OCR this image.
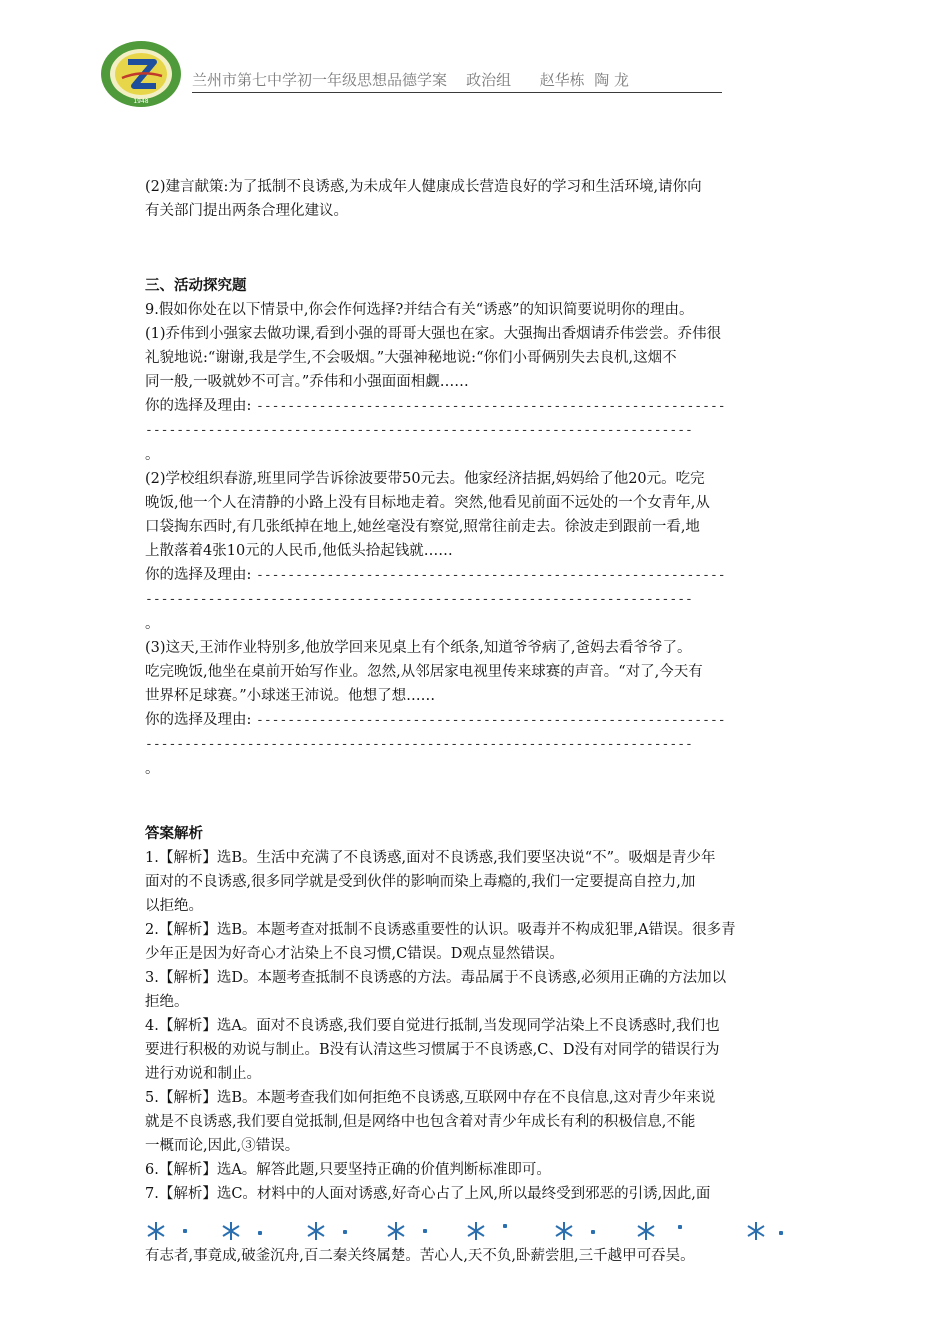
1948
兰州市第七中学初一年级思想品德学案    政治组      赵华栋  陶 龙
(2)建言献策:为了抵制不良诱惑,为未成年人健康成长营造良好的学习和生活环境,请你向
有关部门提出两条合理化建议。
三、活动探究题
9.假如你处在以下情景中,你会作何选择?并结合有关“诱惑”的知识简要说明你的理由。
(1)乔伟到小强家去做功课,看到小强的哥哥大强也在家。大强掏出香烟请乔伟尝尝。乔伟很
礼貌地说:“谢谢,我是学生,不会吸烟。”大强神秘地说:“你们小哥俩别失去良机,这烟不
同一般,一吸就妙不可言。”乔伟和小强面面相觑……
你的选择及理由: ------------------------------------------------------------
----------------------------------------------------------------------
。
(2)学校组织春游,班里同学告诉徐波要带50元去。他家经济拮据,妈妈给了他20元。吃完
晚饭,他一个人在清静的小路上没有目标地走着。突然,他看见前面不远处的一个女青年,从
口袋掏东西时,有几张纸掉在地上,她丝毫没有察觉,照常往前走去。徐波走到跟前一看,地
上散落着4张10元的人民币,他低头拾起钱就……
你的选择及理由: ------------------------------------------------------------
----------------------------------------------------------------------
。
(3)这天,王沛作业特别多,他放学回来见桌上有个纸条,知道爷爷病了,爸妈去看爷爷了。
吃完晚饭,他坐在桌前开始写作业。忽然,从邻居家电视里传来球赛的声音。“对了,今天有
世界杯足球赛。”小球迷王沛说。他想了想……
你的选择及理由: ------------------------------------------------------------
----------------------------------------------------------------------
。
答案解析
1.【解析】选B。生活中充满了不良诱惑,面对不良诱惑,我们要坚决说“不”。吸烟是青少年
面对的不良诱惑,很多同学就是受到伙伴的影响而染上毒瘾的,我们一定要提高自控力,加
以拒绝。
2.【解析】选B。本题考查对抵制不良诱惑重要性的认识。吸毒并不构成犯罪,A错误。很多青
少年正是因为好奇心才沾染上不良习惯,C错误。D观点显然错误。
3.【解析】选D。本题考查抵制不良诱惑的方法。毒品属于不良诱惑,必须用正确的方法加以
拒绝。
4.【解析】选A。面对不良诱惑,我们要自觉进行抵制,当发现同学沾染上不良诱惑时,我们也
要进行积极的劝说与制止。B没有认清这些习惯属于不良诱惑,C、D没有对同学的错误行为
进行劝说和制止。
5.【解析】选B。本题考查我们如何拒绝不良诱惑,互联网中存在不良信息,这对青少年来说
就是不良诱惑,我们要自觉抵制,但是网络中也包含着对青少年成长有利的积极信息,不能
一概而论,因此,③错误。
6.【解析】选A。解答此题,只要坚持正确的价值判断标准即可。
7.【解析】选C。材料中的人面对诱惑,好奇心占了上风,所以最终受到邪恶的引诱,因此,面
有志者,事竟成,破釜沉舟,百二秦关终属楚。苦心人,天不负,卧薪尝胆,三千越甲可吞吴。
